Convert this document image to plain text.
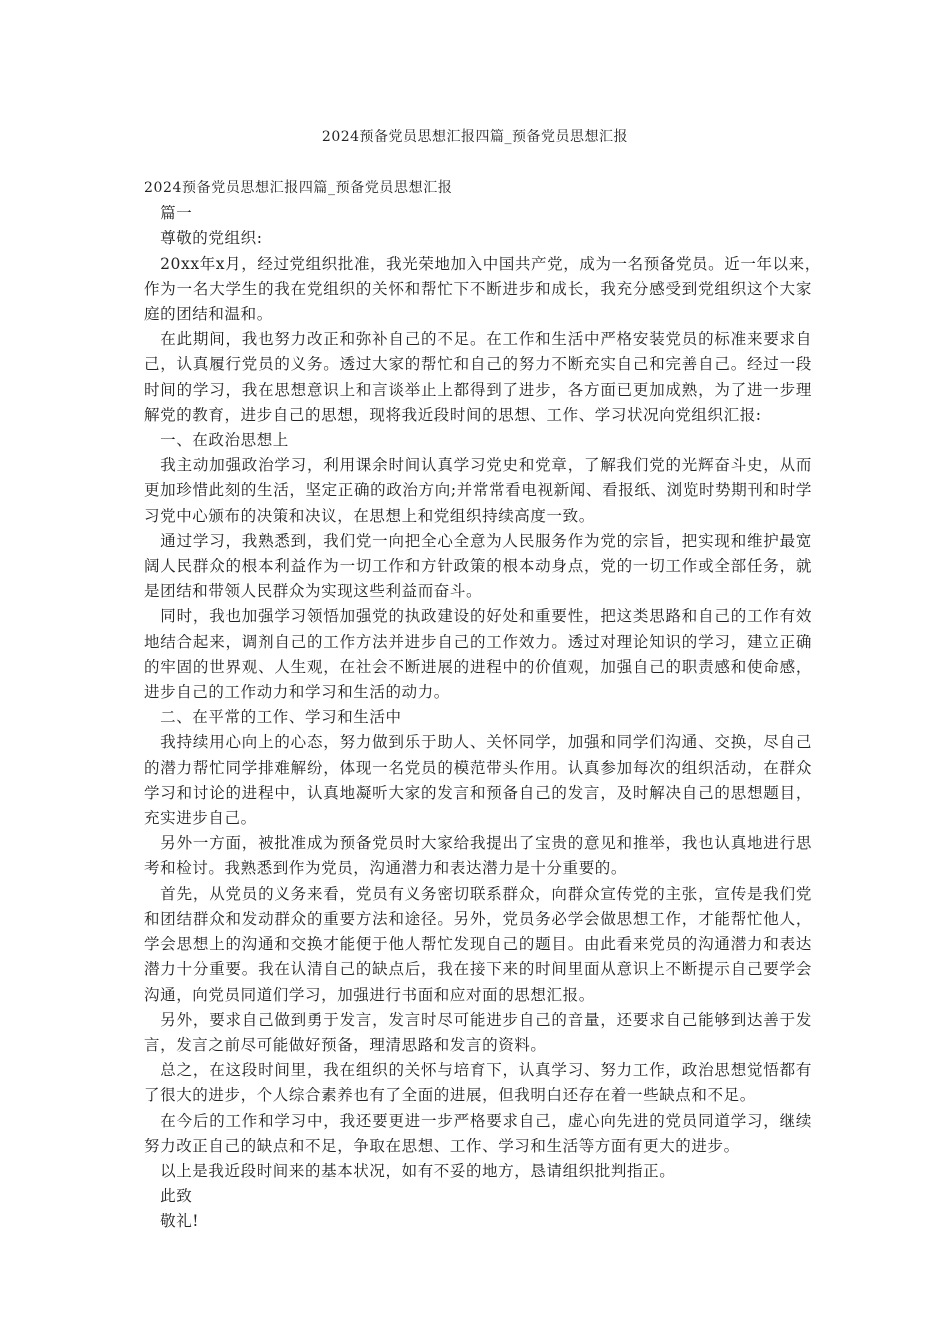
2024预备党员思想汇报四篇_预备党员思想汇报
2024预备党员思想汇报四篇_预备党员思想汇报
　篇一
　尊敬的党组织:
　20xx年x月，经过党组织批准，我光荣地加入中国共产党，成为一名预备党员。近一年以来，
作为一名大学生的我在党组织的关怀和帮忙下不断进步和成长，我充分感受到党组织这个大家
庭的团结和温和。
　在此期间，我也努力改正和弥补自己的不足。在工作和生活中严格安装党员的标准来要求自
己，认真履行党员的义务。透过大家的帮忙和自己的努力不断充实自己和完善自己。经过一段
时间的学习，我在思想意识上和言谈举止上都得到了进步，各方面已更加成熟，为了进一步理
解党的教育，进步自己的思想，现将我近段时间的思想、工作、学习状况向党组织汇报:
　一、在政治思想上
　我主动加强政治学习，利用课余时间认真学习党史和党章，了解我们党的光辉奋斗史，从而
更加珍惜此刻的生活，坚定正确的政治方向;并常常看电视新闻、看报纸、浏览时势期刊和时学
习党中心颁布的决策和决议，在思想上和党组织持续高度一致。
　通过学习，我熟悉到，我们党一向把全心全意为人民服务作为党的宗旨，把实现和维护最宽
阔人民群众的根本利益作为一切工作和方针政策的根本动身点，党的一切工作或全部任务，就
是团结和带领人民群众为实现这些利益而奋斗。
　同时，我也加强学习领悟加强党的执政建设的好处和重要性，把这类思路和自己的工作有效
地结合起来，调剂自己的工作方法并进步自己的工作效力。透过对理论知识的学习，建立正确
的牢固的世界观、人生观，在社会不断进展的进程中的价值观，加强自己的职责感和使命感，
进步自己的工作动力和学习和生活的动力。
　二、在平常的工作、学习和生活中
　我持续用心向上的心态，努力做到乐于助人、关怀同学，加强和同学们沟通、交换，尽自己
的潜力帮忙同学排难解纷，体现一名党员的模范带头作用。认真参加每次的组织活动，在群众
学习和讨论的进程中，认真地凝听大家的发言和预备自己的发言，及时解决自己的思想题目，
充实进步自己。
　另外一方面，被批准成为预备党员时大家给我提出了宝贵的意见和推举，我也认真地进行思
考和检讨。我熟悉到作为党员，沟通潜力和表达潜力是十分重要的。
　首先，从党员的义务来看，党员有义务密切联系群众，向群众宣传党的主张，宣传是我们党
和团结群众和发动群众的重要方法和途径。另外，党员务必学会做思想工作，才能帮忙他人，
学会思想上的沟通和交换才能便于他人帮忙发现自己的题目。由此看来党员的沟通潜力和表达
潜力十分重要。我在认清自己的缺点后，我在接下来的时间里面从意识上不断提示自己要学会
沟通，向党员同道们学习，加强进行书面和应对面的思想汇报。
　另外，要求自己做到勇于发言，发言时尽可能进步自己的音量，还要求自己能够到达善于发
言，发言之前尽可能做好预备，理清思路和发言的资料。
　总之，在这段时间里，我在组织的关怀与培育下，认真学习、努力工作，政治思想觉悟都有
了很大的进步，个人综合素养也有了全面的进展，但我明白还存在着一些缺点和不足。
　在今后的工作和学习中，我还要更进一步严格要求自己，虚心向先进的党员同道学习，继续
努力改正自己的缺点和不足，争取在思想、工作、学习和生活等方面有更大的进步。
　以上是我近段时间来的基本状况，如有不妥的地方，恳请组织批判指正。
　此致
　敬礼!
